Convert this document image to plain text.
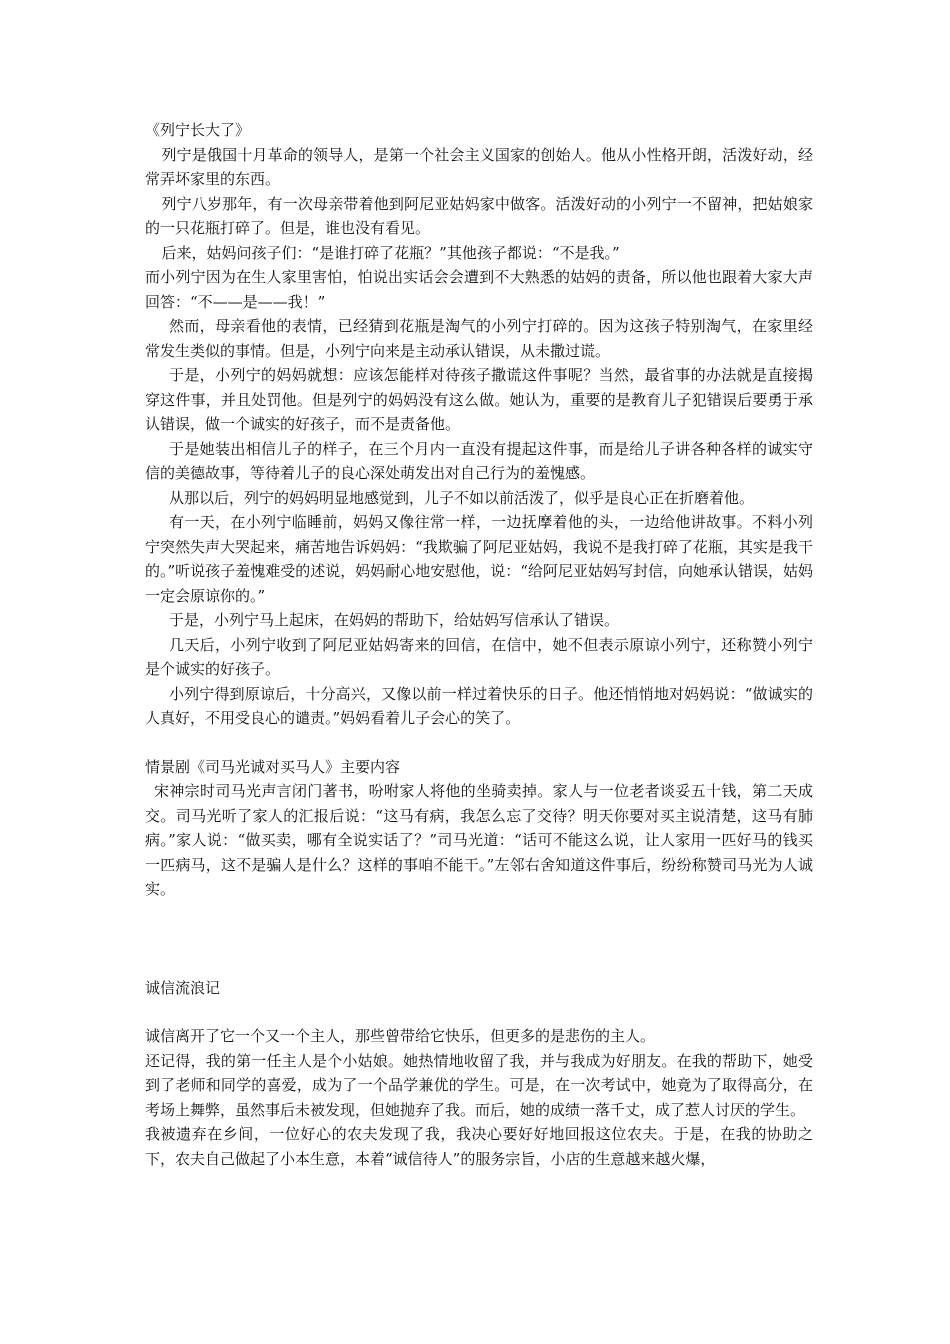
《列宁长大了》

列宁是俄国十月革命的领导人，是第一个社会主义国家的创始人。他从小性格开朗，活泼好动，经常弄坏家里的东西。

列宁八岁那年，有一次母亲带着他到阿尼亚姑妈家中做客。活泼好动的小列宁一不留神，把姑娘家的一只花瓶打碎了。但是，谁也没有看见。

后来，姑妈问孩子们：“是谁打碎了花瓶？”其他孩子都说：“不是我。”

而小列宁因为在生人家里害怕，怕说出实话会会遭到不大熟悉的姑妈的责备，所以他也跟着大家大声回答：“不——是——我！”

然而，母亲看他的表情，已经猜到花瓶是淘气的小列宁打碎的。因为这孩子特别淘气，在家里经常发生类似的事情。但是，小列宁向来是主动承认错误，从未撒过谎。

于是，小列宁的妈妈就想：应该怎能样对待孩子撒谎这件事呢？当然，最省事的办法就是直接揭穿这件事，并且处罚他。但是列宁的妈妈没有这么做。她认为，重要的是教育儿子犯错误后要勇于承认错误，做一个诚实的好孩子，而不是责备他。

于是她装出相信儿子的样子，在三个月内一直没有提起这件事，而是给儿子讲各种各样的诚实守信的美德故事，等待着儿子的良心深处萌发出对自己行为的羞愧感。

从那以后，列宁的妈妈明显地感觉到，儿子不如以前活泼了，似乎是良心正在折磨着他。

有一天，在小列宁临睡前，妈妈又像往常一样，一边抚摩着他的头，一边给他讲故事。不料小列宁突然失声大哭起来，痛苦地告诉妈妈：“我欺骗了阿尼亚姑妈，我说不是我打碎了花瓶，其实是我干的。”听说孩子羞愧难受的述说，妈妈耐心地安慰他，说：“给阿尼亚姑妈写封信，向她承认错误，姑妈一定会原谅你的。”

于是，小列宁马上起床，在妈妈的帮助下，给姑妈写信承认了错误。

几天后，小列宁收到了阿尼亚姑妈寄来的回信，在信中，她不但表示原谅小列宁，还称赞小列宁是个诚实的好孩子。

小列宁得到原谅后，十分高兴，又像以前一样过着快乐的日子。他还悄悄地对妈妈说：“做诚实的人真好，不用受良心的谴责。”妈妈看着儿子会心的笑了。

情景剧《司马光诚对买马人》主要内容

宋神宗时司马光声言闭门著书，吩咐家人将他的坐骑卖掉。家人与一位老者谈妥五十钱，第二天成交。司马光听了家人的汇报后说：“这马有病，我怎么忘了交待？明天你要对买主说清楚，这马有肺病。”家人说：“做买卖，哪有全说实话了？”司马光道：“话可不能这么说，让人家用一匹好马的钱买一匹病马，这不是骗人是什么？这样的事咱不能干。”左邻右舍知道这件事后，纷纷称赞司马光为人诚实。

诚信流浪记

诚信离开了它一个又一个主人，那些曾带给它快乐，但更多的是悲伤的主人。

还记得，我的第一任主人是个小姑娘。她热情地收留了我，并与我成为好朋友。在我的帮助下，她受到了老师和同学的喜爱，成为了一个品学兼优的学生。可是，在一次考试中，她竟为了取得高分，在考场上舞弊，虽然事后未被发现，但她抛弃了我。而后，她的成绩一落千丈，成了惹人讨厌的学生。

我被遗弃在乡间，一位好心的农夫发现了我，我决心要好好地回报这位农夫。于是，在我的协助之下，农夫自己做起了小本生意，本着“诚信待人”的服务宗旨，小店的生意越来越火爆，
